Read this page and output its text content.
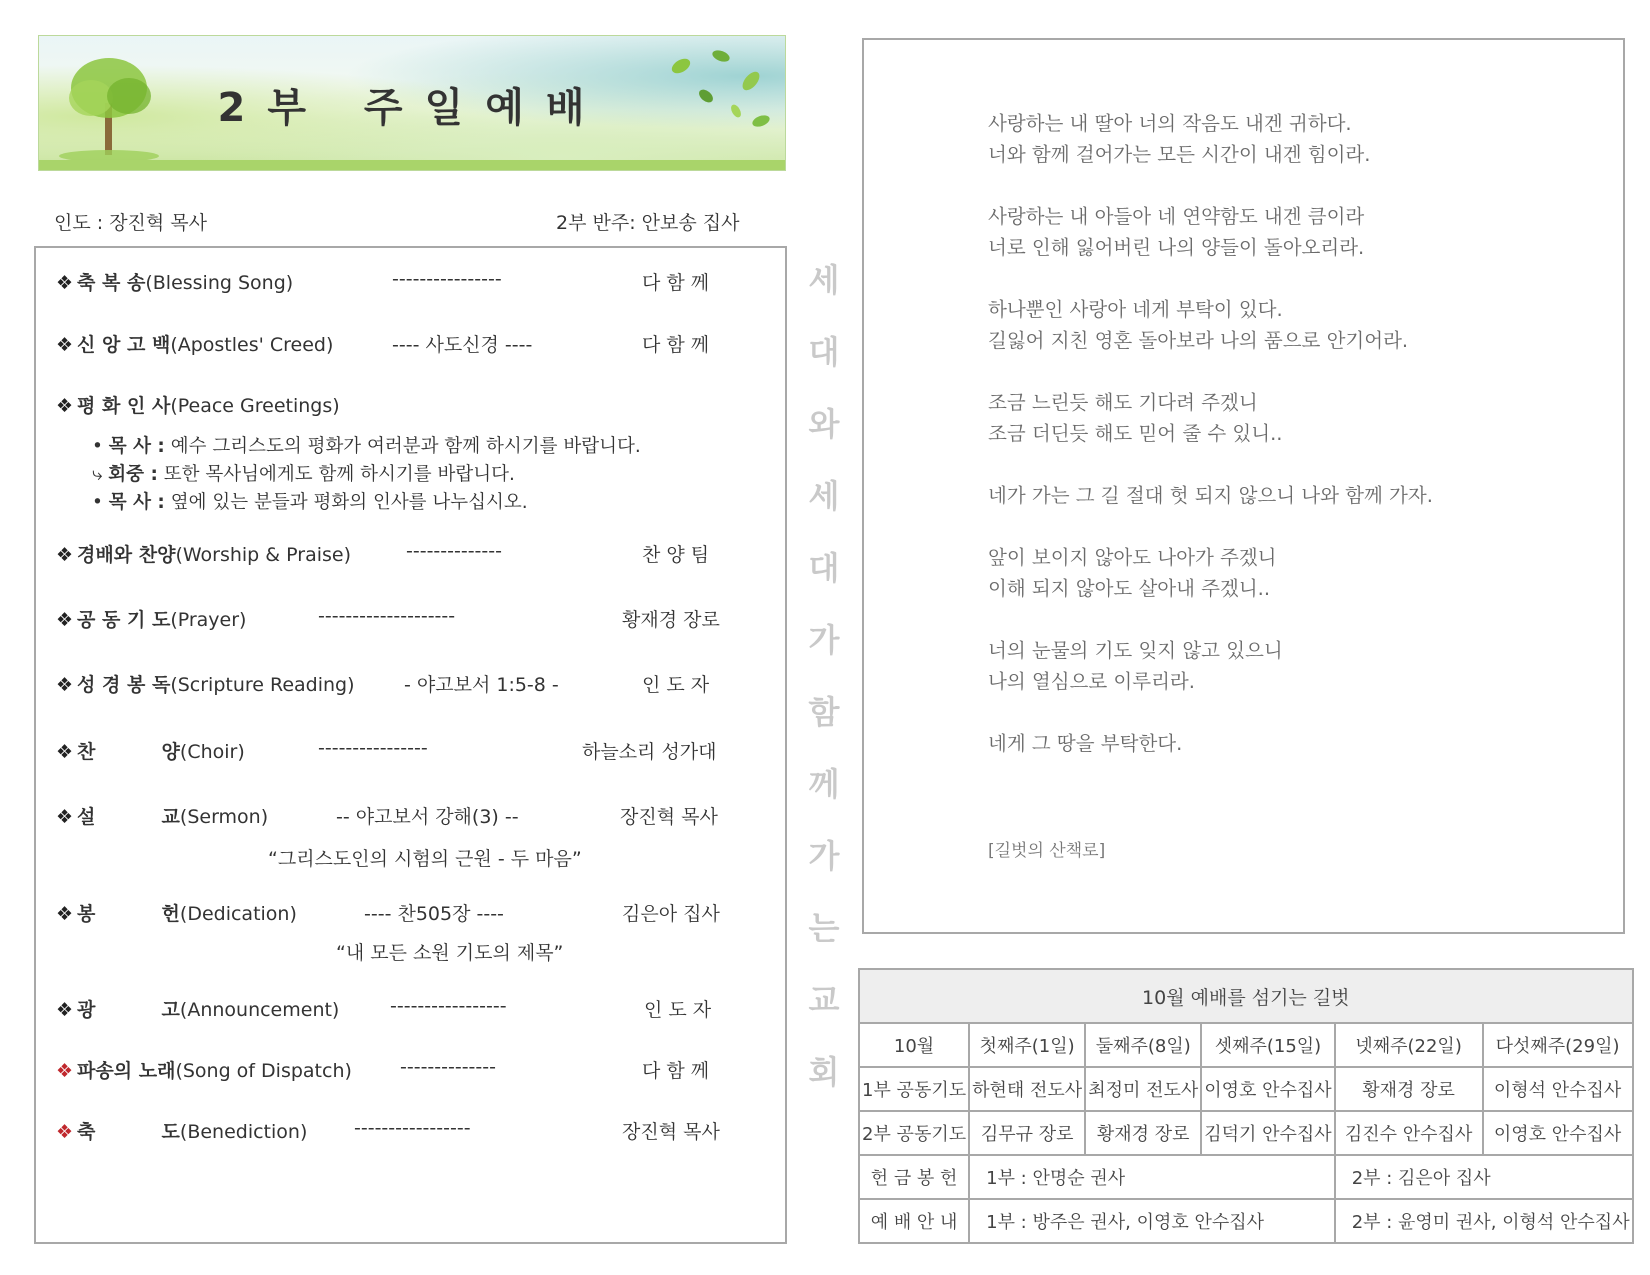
2부 주일예배
인도 : 장진혁 목사	2부 반주: 안보송 집사
❖ 축 복 송(Blessing Song)	----------------	다 함 께
❖ 신 앙 고 백(Apostles' Creed)	---- 사도신경 ----	다 함 께
❖ 평 화 인 사(Peace Greetings)
• 목 사 : 예수 그리스도의 평화가 여러분과 함께 하시기를 바랍니다.
⤷ 회중 : 또한 목사님에게도 함께 하시기를 바랍니다.
• 목 사 : 옆에 있는 분들과 평화의 인사를 나누십시오.
❖ 경배와 찬양(Worship & Praise)	--------------	찬 양 팀
❖ 공 동 기 도(Prayer)	--------------------	황재경 장로
❖ 성 경 봉 독(Scripture Reading)	- 야고보서 1:5-8 -	인 도 자
❖ 찬          양(Choir)	----------------	하늘소리 성가대
❖ 설          교(Sermon)	-- 야고보서 강해(3) --	장진혁 목사
“그리스도인의 시험의 근원 - 두 마음”
❖ 봉          헌(Dedication)	---- 찬505장 ----	김은아 집사
“내 모든 소원 기도의 제목”
❖ 광          고(Announcement)	-----------------	인 도 자
❖ 파송의 노래(Song of Dispatch)	--------------	다 함 께
❖ 축          도(Benediction) -----------------	장진혁 목사
세
대
와
세
대
가
함
께
가
는
교
회

사랑하는 내 딸아 너의 작음도 내겐 귀하다.
너와 함께 걸어가는 모든 시간이 내겐 힘이라.

사랑하는 내 아들아 네 연약함도 내겐 큼이라
너로 인해 잃어버린 나의 양들이 돌아오리라.

하나뿐인 사랑아 네게 부탁이 있다.
길잃어 지친 영혼 돌아보라 나의 품으로 안기어라.

조금 느린듯 해도 기다려 주겠니
조금 더딘듯 해도 믿어 줄 수 있니..

네가 가는 그 길 절대 헛 되지 않으니 나와 함께 가자.

앞이 보이지 않아도 나아가 주겠니
이해 되지 않아도 살아내 주겠니..

너의 눈물의 기도 잊지 않고 있으니
나의 열심으로 이루리라.

네게 그 땅을 부탁한다.

[길벗의 산책로]
10월 예배를 섬기는 길벗					
10월	첫째주(1일)	둘째주(8일)	셋째주(15일)	넷째주(22일)	다섯째주(29일)
1부 공동기도	하현태 전도사	최정미 전도사	이영호 안수집사	황재경 장로	이형석 안수집사
2부 공동기도	김무규 장로	황재경 장로	김덕기 안수집사	김진수 안수집사	이영호 안수집사
헌 금 봉 헌	1부 : 안명순 권사			2부 : 김은아 집사	
예 배 안 내	1부 : 방주은 권사, 이영호 안수집사			2부 : 윤영미 권사, 이형석 안수집사	
